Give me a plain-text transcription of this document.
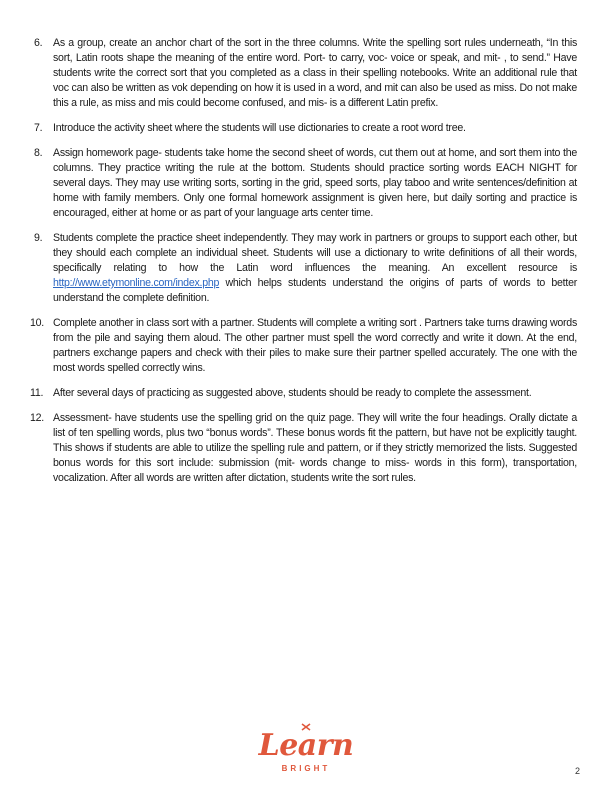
6. As a group, create an anchor chart of the sort in the three columns. Write the spelling sort rules underneath, “In this sort, Latin roots shape the meaning of the entire word. Port- to carry, voc- voice or speak, and mit- , to send.” Have students write the correct sort that you completed as a class in their spelling notebooks. Write an additional rule that voc can also be written as vok depending on how it is used in a word, and mit can also be used as miss. Do not make this a rule, as miss and mis could become confused, and mis- is a different Latin prefix.
7. Introduce the activity sheet where the students will use dictionaries to create a root word tree.
8. Assign homework page- students take home the second sheet of words, cut them out at home, and sort them into the columns. They practice writing the rule at the bottom. Students should practice sorting words EACH NIGHT for several days. They may use writing sorts, sorting in the grid, speed sorts, play taboo and write sentences/definition at home with family members. Only one formal homework assignment is given here, but daily sorting and practice is encouraged, either at home or as part of your language arts center time.
9. Students complete the practice sheet independently. They may work in partners or groups to support each other, but they should each complete an individual sheet. Students will use a dictionary to write definitions of all their words, specifically relating to how the Latin word influences the meaning. An excellent resource is http://www.etymonline.com/index.php which helps students understand the origins of parts of words to better understand the complete definition.
10. Complete another in class sort with a partner. Students will complete a writing sort . Partners take turns drawing words from the pile and saying them aloud. The other partner must spell the word correctly and write it down. At the end, partners exchange papers and check with their piles to make sure their partner spelled accurately. The one with the most words spelled correctly wins.
11. After several days of practicing as suggested above, students should be ready to complete the assessment.
12. Assessment- have students use the spelling grid on the quiz page. They will write the four headings. Orally dictate a list of ten spelling words, plus two “bonus words”. These bonus words fit the pattern, but have not be explicitly taught. This shows if students are able to utilize the spelling rule and pattern, or if they strictly memorized the lists. Suggested bonus words for this sort include: submission (mit- words change to miss- words in this form), transportation, vocalization. After all words are written after dictation, students write the sort rules.
Learn
BRIGHT	2
